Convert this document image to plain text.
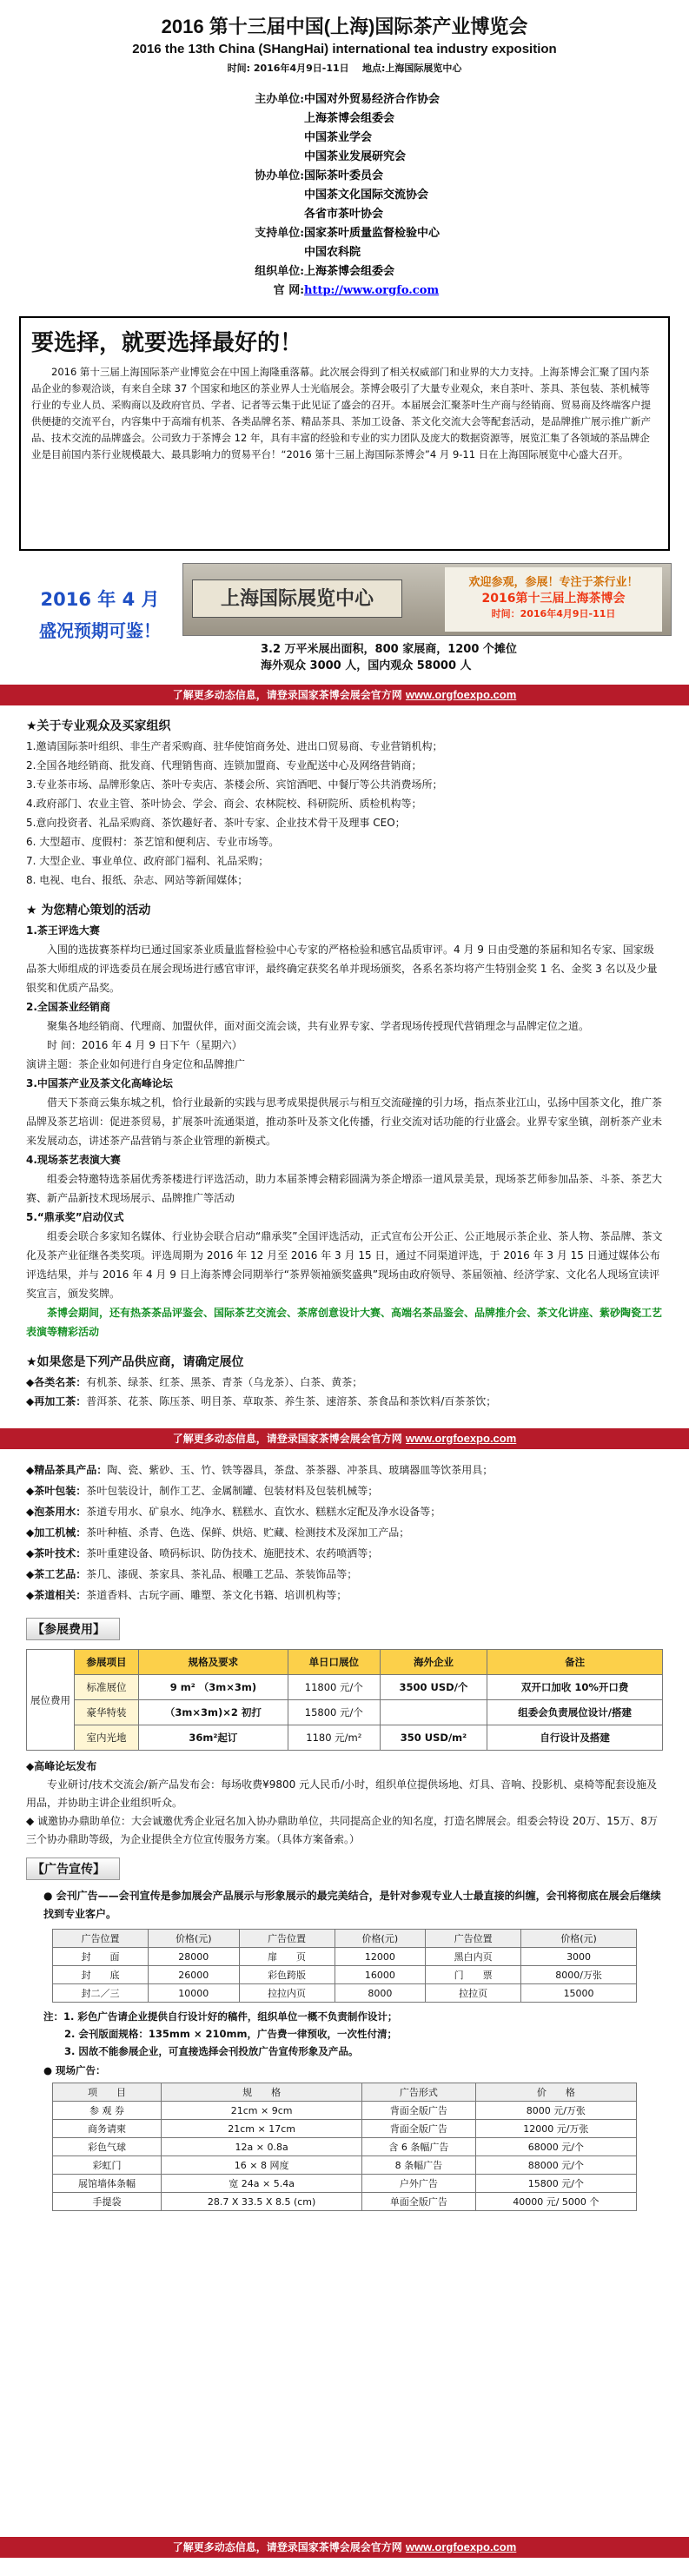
2016 第十三届中国(上海)国际茶产业博览会
2016 the 13th China (SHangHai) international tea industry exposition
时间: 2016年4月9日-11日 地点:上海国际展览中心
主办单位: 中国对外贸易经济合作协会
上海茶博会组委会
中国茶业学会
中国茶业发展研究会
协办单位: 国际茶叶委员会
中国茶文化国际交流协会
各省市茶叶协会
支持单位: 国家茶叶质量监督检验中心
中国农科院
组织单位: 上海茶博会组委会
官 网: http://www.orgfo.com
要选择，就要选择最好的！

2016 第十三届上海国际茶产业博览会在中国上海隆重落幕。此次展会得到了相关权威部门和业界的大力支持。上海茶博会汇聚了国内茶品企业的参观洽谈，有来自全球 37 个国家和地区的茶业界人士光临展会。茶博会吸引了大量专业观众，来自茶叶、茶具、茶包装、茶机械等行业的专业人员、采购商以及政府官员、学者、记者等云集于此见证了盛会的召开。本届展会汇聚茶叶生产商与经销商、贸易商及终端客户提供便捷的交流平台，内容集中于高端有机茶、各类品牌名茶、精品茶具、茶加工设备、茶文化交流大会等配套活动，是品牌推广展示推广新产品、技术交流的品牌盛会。公司致力于茶博会 12 年，具有丰富的经验和专业的实力团队及庞大的数据资源等，展览汇集了各领域的茶品牌企业是目前国内茶行业规模最大、最具影响力的贸易平台！“2016 第十三届上海国际茶博会”4 月 9-11 日在上海国际展览中心盛大召开。

2016 年 4 月
盛况预期可鉴！
上海国际展览中心
欢迎参观，参展！专注于茶行业！
2016第十三届上海茶博会
时间：2016年4月9日-11日
3.2 万平米展出面积，800 家展商，1200 个摊位
海外观众 3000 人，国内观众 58000 人
了解更多动态信息，请登录国家茶博会展会官方网 www.orgfoexpo.com
★关于专业观众及买家组织
1.邀请国际茶叶组织、非生产者采购商、驻华使馆商务处、进出口贸易商、专业营销机构；
2.全国各地经销商、批发商、代理销售商、连锁加盟商、专业配送中心及网络营销商；
3.专业茶市场、品牌形象店、茶叶专卖店、茶楼会所、宾馆酒吧、中餐厅等公共消费场所；
4.政府部门、农业主管、茶叶协会、学会、商会、农林院校、科研院所、质检机构等；
5.意向投资者、礼品采购商、茶饮趣好者、茶叶专家、企业技术骨干及理事 CEO；
6. 大型超市、度假村：茶艺馆和便利店、专业市场等。
7. 大型企业、事业单位、政府部门福利、礼品采购；
8. 电视、电台、报纸、杂志、网站等新闻媒体；
★ 为您精心策划的活动
1.茶王评选大赛
入围的选拔赛茶样均已通过国家茶业质量监督检验中心专家的严格检验和感官品质审评。4 月 9 日由受邀的茶届和知名专家、国家级品茶大师组成的评选委员在展会现场进行感官审评，最终确定获奖名单并现场颁奖，各系名茶均将产生特别金奖 1 名、金奖 3 名以及少量银奖和优质产品奖。
2.全国茶业经销商
聚集各地经销商、代理商、加盟伙伴，面对面交流会谈，共有业界专家、学者现场传授现代营销理念与品牌定位之道。
时 间：2016 年 4 月 9 日下午（星期六）
演讲主题：茶企业如何进行自身定位和品牌推广
3.中国茶产业及茶文化高峰论坛
借天下茶商云集东城之机，恰行业最新的实践与思考成果提供展示与相互交流碰撞的引力场，指点茶业江山，弘扬中国茶文化，推广茶品牌及茶艺培训：促进茶贸易，扩展茶叶流通渠道，推动茶叶及茶文化传播，行业交流对话功能的行业盛会。业界专家坐镇，剖析茶产业未来发展动态，讲述茶产品营销与茶企业管理的新模式。
4.现场茶艺表演大赛
组委会特邀特选茶届优秀茶楼进行评选活动，助力本届茶博会精彩圆满为茶企增添一道风景美景，现场茶艺师参加品茶、斗茶、茶艺大赛、新产品新技术现场展示、品牌推广等活动
5.“鼎承奖”启动仪式
组委会联合多家知名媒体、行业协会联合启动“鼎承奖”全国评选活动，正式宣布公开公正、公正地展示茶企业、茶人物、茶品牌、茶文化及茶产业征继各类奖项。评选周期为 2016 年 12 月至 2016 年 3 月 15 日，通过不同渠道评选，于 2016 年 3 月 15 日通过媒体公布评选结果，并与 2016 年 4 月 9 日上海茶博会同期举行“茶界领袖颁奖盛典”现场由政府领导、茶届领袖、经济学家、文化名人现场宣读评奖宣言，颁发奖牌。
茶博会期间，还有热茶茶品评鉴会、国际茶艺交流会、茶席创意设计大赛、高端名茶品鉴会、品牌推介会、茶文化讲座、紫砂陶瓷工艺表演等精彩活动
★如果您是下列产品供应商，请确定展位
◆各类名茶：有机茶、绿茶、红茶、黑茶、青茶（乌龙茶）、白茶、黄茶；
◆再加工茶：普洱茶、花茶、陈压茶、明目茶、草取茶、养生茶、速溶茶、茶食品和茶饮料/百茶茶饮；
了解更多动态信息，请登录国家茶博会展会官方网 www.orgfoexpo.com
◆精品茶具产品：陶、瓷、紫砂、玉、竹、铁等器具，茶盘、茶茶器、冲茶具、玻璃器皿等饮茶用具；
◆茶叶包装：茶叶包装设计，制作工艺、金属制罐、包装材料及包装机械等；
◆泡茶用水：茶道专用水、矿泉水、纯净水、糕糕水、直饮水、糕糕水定配及净水设备等；
◆加工机械：茶叶种植、杀青、色选、保鲜、烘焙、贮藏、检测技术及深加工产品；
◆茶叶技术：茶叶重建设备、喷码标识、防伪技术、施肥技术、农药喷洒等；
◆茶工艺品：茶几、漆砚、茶家具、茶礼品、根雕工艺品、茶装饰品等；
◆茶道相关：茶道香料、古玩字画、雕塑、茶文化书籍、培训机构等；
【参展费用】
展位费用	参展项目	规格及要求	单日口展位	海外企业	备注
	标准展位	9 m² （3m×3m)	11800 元/个	3500 USD/个	双开口加收 10%开口费
	豪华特装	（3m×3m)×2 初打	15800 元/个		组委会负责展位设计/搭建
	室内光地	36m²起订	1180 元/m²	350 USD/m²	自行设计及搭建
◆高峰论坛发布
专业研讨/技术交流会/新产品发布会：每场收费¥9800 元人民币/小时，组织单位提供场地、灯具、音响、投影机、桌椅等配套设施及用品，并协助主讲企业组织听众。
◆ 诚邀协办鼎助单位：大会诚邀优秀企业冠名加入协办鼎助单位，共同提高企业的知名度，打造名牌展会。组委会特设 20万、15万、8万三个协办鼎助等级，为企业提供全方位宣传服务方案。（具体方案备索。）
【广告宣传】
● 会刊广告——会刊宣传是参加展会产品展示与形象展示的最完美结合，是针对参观专业人士最直接的纠缠，会刊将彻底在展会后继续找到专业客户。
广告位置	价格(元)	广告位置	价格(元)	广告位置	价格(元)
封　　面	28000	扉　　页	12000	黑白内页	3000
封　　底	26000	彩色跨版	16000	门　　票	8000/万张
封二／三	10000	拉拉内页	8000	拉拉页	15000
注：1. 彩色广告请企业提供自行设计好的稿件，组织单位一概不负责制作设计；
2. 会刊版面规格：135mm × 210mm，广告费一律预收，一次性付清；
3. 因故不能参展企业，可直接选择会刊投放广告宣传形象及产品。
● 现场广告：
项　　目	规　　格	广告形式	价　　格
参 观 券	21cm × 9cm	背面全版广告	8000 元/万张
商务请柬	21cm × 17cm	背面全版广告	12000 元/万张
彩色气球	12a × 0.8a	含 6 条幅广告	68000 元/个
彩虹门	16 × 8 网度	8 条幅广告	88000 元/个
展馆墙体条幅	宽 24a × 5.4a	户外广告	15800 元/个
手提袋	28.7 X 33.5 X 8.5 (cm)	单面全版广告	40000 元/ 5000 个
了解更多动态信息，请登录国家茶博会展会官方网 www.orgfoexpo.com
